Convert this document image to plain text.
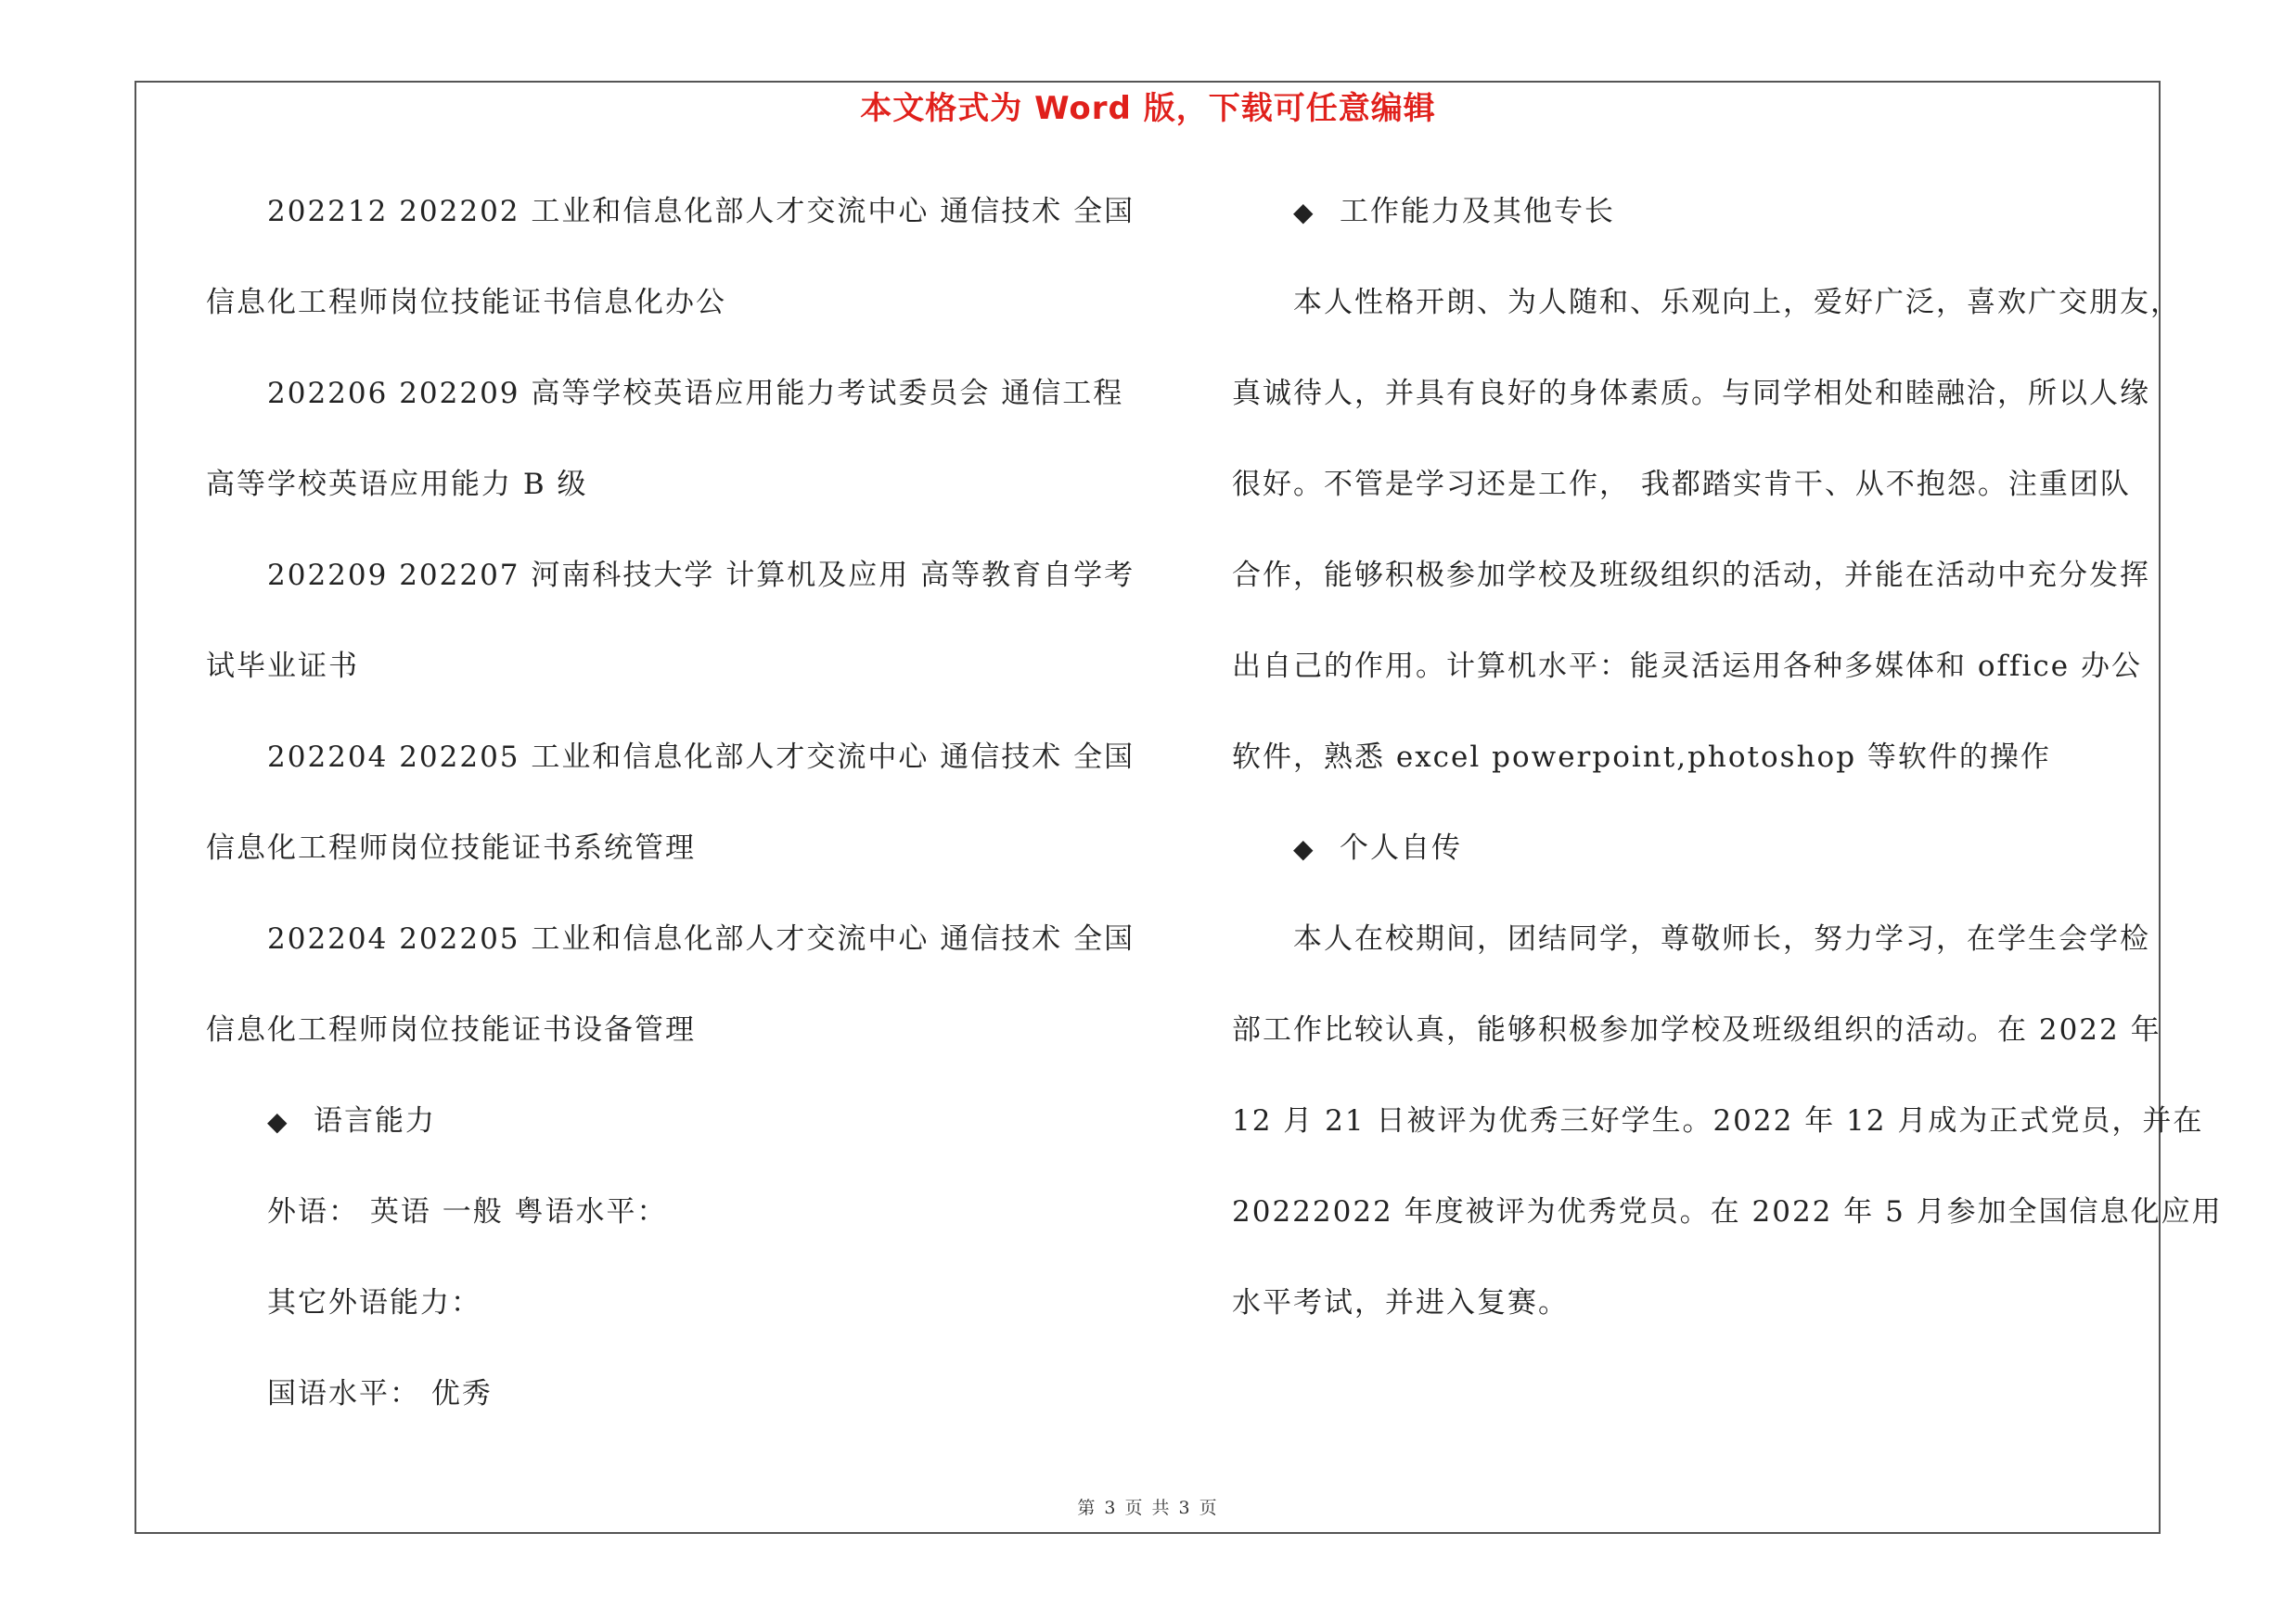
本文格式为 Word 版，下载可任意编辑
202212 202202 工业和信息化部人才交流中心 通信技术 全国
信息化工程师岗位技能证书信息化办公
202206 202209 高等学校英语应用能力考试委员会 通信工程
高等学校英语应用能力 B 级
202209 202207 河南科技大学 计算机及应用 高等教育自学考
试毕业证书
202204 202205 工业和信息化部人才交流中心 通信技术 全国
信息化工程师岗位技能证书系统管理
202204 202205 工业和信息化部人才交流中心 通信技术 全国
信息化工程师岗位技能证书设备管理
◆ 语言能力
外语： 英语 一般 粤语水平：
其它外语能力：
国语水平： 优秀
◆ 工作能力及其他专长
本人性格开朗、为人随和、乐观向上，爱好广泛，喜欢广交朋友，
真诚待人，并具有良好的身体素质。与同学相处和睦融洽，所以人缘
很好。不管是学习还是工作， 我都踏实肯干、从不抱怨。注重团队
合作，能够积极参加学校及班级组织的活动，并能在活动中充分发挥
出自己的作用。计算机水平：能灵活运用各种多媒体和 office 办公
软件，熟悉 excel powerpoint,photoshop 等软件的操作
◆ 个人自传
本人在校期间，团结同学，尊敬师长，努力学习，在学生会学检
部工作比较认真，能够积极参加学校及班级组织的活动。在 2022 年
12 月 21 日被评为优秀三好学生。2022 年 12 月成为正式党员，并在
20222022 年度被评为优秀党员。在 2022 年 5 月参加全国信息化应用
水平考试，并进入复赛。
第 3 页 共 3 页
